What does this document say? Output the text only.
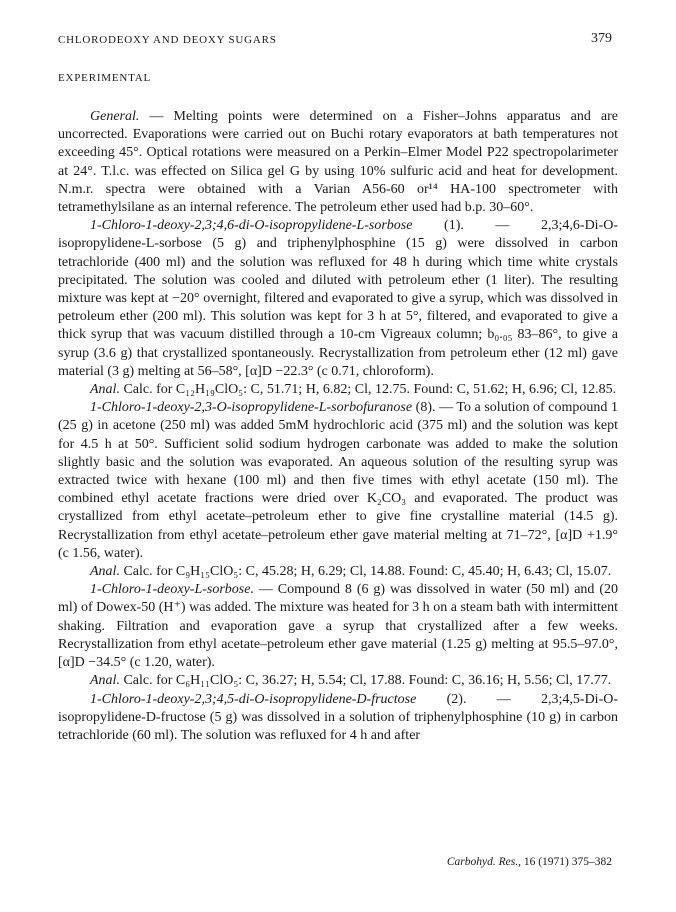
CHLORODEOXY AND DEOXY SUGARS	379
EXPERIMENTAL

General. — Melting points were determined on a Fisher–Johns apparatus and are uncorrected. Evaporations were carried out on Buchi rotary evaporators at bath temperatures not exceeding 45°. Optical rotations were measured on a Perkin–Elmer Model P22 spectropolarimeter at 24°. T.l.c. was effected on Silica gel G by using 10% sulfuric acid and heat for development. N.m.r. spectra were obtained with a Varian A56-60 or¹⁴ HA-100 spectrometer with tetramethylsilane as an internal reference. The petroleum ether used had b.p. 30–60°.

1-Chloro-1-deoxy-2,3;4,6-di-O-isopropylidene-L-sorbose (1). — 2,3;4,6-Di-O-isopropylidene-L-sorbose (5 g) and triphenylphosphine (15 g) were dissolved in carbon tetrachloride (400 ml) and the solution was refluxed for 48 h during which time white crystals precipitated. The solution was cooled and diluted with petroleum ether (1 liter). The resulting mixture was kept at −20° overnight, filtered and evaporated to give a syrup, which was dissolved in petroleum ether (200 ml). This solution was kept for 3 h at 5°, filtered, and evaporated to give a thick syrup that was vacuum distilled through a 10-cm Vigreaux column; b₀.₀₅ 83–86°, to give a syrup (3.6 g) that crystallized spontaneously. Recrystallization from petroleum ether (12 ml) gave material (3 g) melting at 56–58°, [α]D −22.3° (c 0.71, chloroform).

Anal. Calc. for C₁₂H₁₉ClO₅: C, 51.71; H, 6.82; Cl, 12.75. Found: C, 51.62; H, 6.96; Cl, 12.85.

1-Chloro-1-deoxy-2,3-O-isopropylidene-L-sorbofuranose (8). — To a solution of compound 1 (25 g) in acetone (250 ml) was added 5mM hydrochloric acid (375 ml) and the solution was kept for 4.5 h at 50°. Sufficient solid sodium hydrogen carbonate was added to make the solution slightly basic and the solution was evaporated. An aqueous solution of the resulting syrup was extracted twice with hexane (100 ml) and then five times with ethyl acetate (150 ml). The combined ethyl acetate fractions were dried over K₂CO₃ and evaporated. The product was crystallized from ethyl acetate–petroleum ether to give fine crystalline material (14.5 g). Recrystallization from ethyl acetate–petroleum ether gave material melting at 71–72°, [α]D +1.9° (c 1.56, water).

Anal. Calc. for C₉H₁₅ClO₅: C, 45.28; H, 6.29; Cl, 14.88. Found: C, 45.40; H, 6.43; Cl, 15.07.

1-Chloro-1-deoxy-L-sorbose. — Compound 8 (6 g) was dissolved in water (50 ml) and (20 ml) of Dowex-50 (H⁺) was added. The mixture was heated for 3 h on a steam bath with intermittent shaking. Filtration and evaporation gave a syrup that crystallized after a few weeks. Recrystallization from ethyl acetate–petroleum ether gave material (1.25 g) melting at 95.5–97.0°, [α]D −34.5° (c 1.20, water).

Anal. Calc. for C₆H₁₁ClO₅: C, 36.27; H, 5.54; Cl, 17.88. Found: C, 36.16; H, 5.56; Cl, 17.77.

1-Chloro-1-deoxy-2,3;4,5-di-O-isopropylidene-D-fructose (2). — 2,3;4,5-Di-O-isopropylidene-D-fructose (5 g) was dissolved in a solution of triphenylphosphine (10 g) in carbon tetrachloride (60 ml). The solution was refluxed for 4 h and after

Carbohyd. Res., 16 (1971) 375–382
